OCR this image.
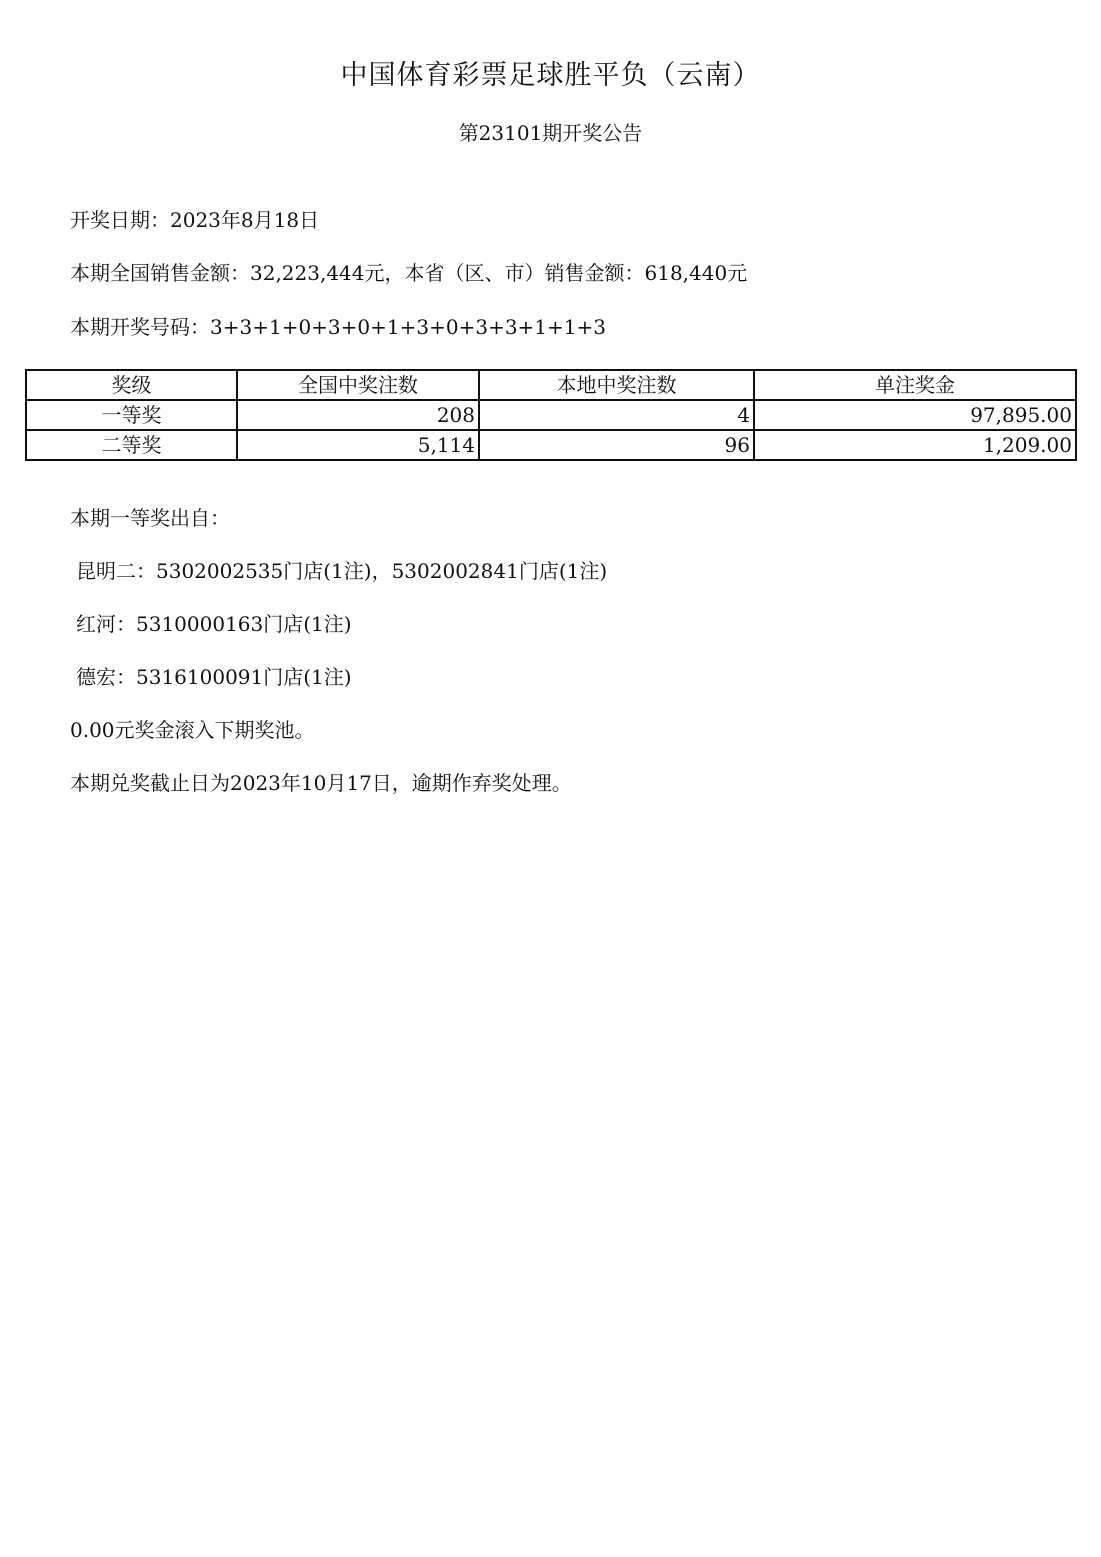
中国体育彩票足球胜平负（云南）
第23101期开奖公告
开奖日期：2023年8月18日
本期全国销售金额：32,223,444元，本省（区、市）销售金额：618,440元
本期开奖号码：3+3+1+0+3+0+1+3+0+3+3+1+1+3
奖级	全国中奖注数	本地中奖注数	单注奖金
一等奖	208	4	97,895.00
二等奖	5,114	96	1,209.00
本期一等奖出自：
昆明二：5302002535门店(1注)，5302002841门店(1注)
红河：5310000163门店(1注)
德宏：5316100091门店(1注)
0.00元奖金滚入下期奖池。
本期兑奖截止日为2023年10月17日，逾期作弃奖处理。
